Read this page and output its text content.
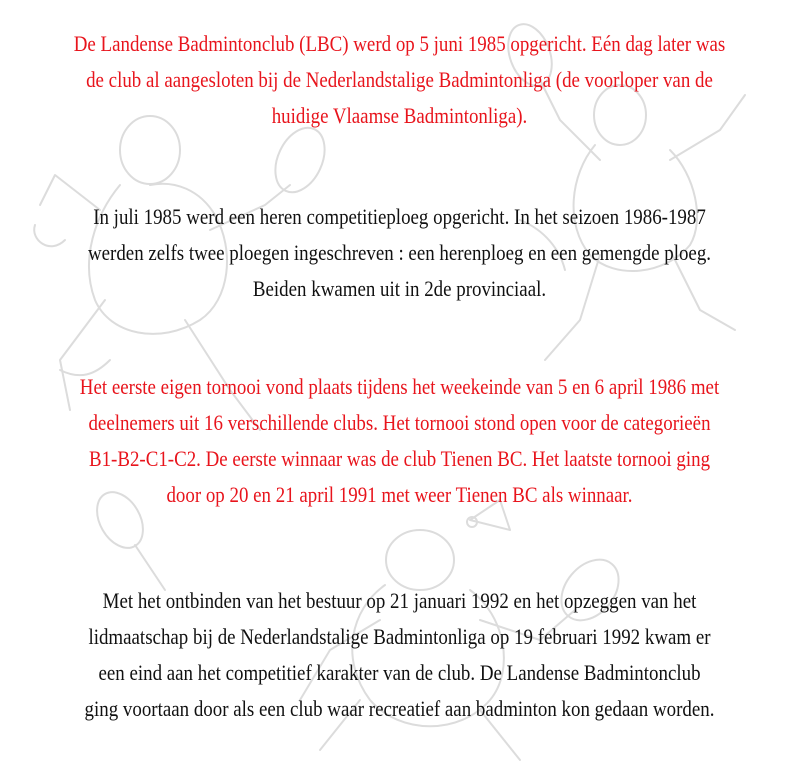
De Landense Badmintonclub (LBC) werd op 5 juni 1985 opgericht. Eén dag later was
de club al aangesloten bij de Nederlandstalige Badmintonliga (de voorloper van de
huidige Vlaamse Badmintonliga).

In juli 1985 werd een heren competitieploeg opgericht. In het seizoen 1986-1987
werden zelfs twee ploegen ingeschreven : een herenploeg en een gemengde ploeg.
Beiden kwamen uit in 2de provinciaal.

Het eerste eigen tornooi vond plaats tijdens het weekeinde van 5 en 6 april 1986 met
deelnemers uit 16 verschillende clubs. Het tornooi stond open voor de categorieën
B1-B2-C1-C2. De eerste winnaar was de club Tienen BC. Het laatste tornooi ging
door op 20 en 21 april 1991 met weer Tienen BC als winnaar.

Met het ontbinden van het bestuur op 21 januari 1992 en het opzeggen van het
lidmaatschap bij de Nederlandstalige Badmintonliga op 19 februari 1992 kwam er
een eind aan het competitief karakter van de club. De Landense Badmintonclub
ging voortaan door als een club waar recreatief aan badminton kon gedaan worden.
